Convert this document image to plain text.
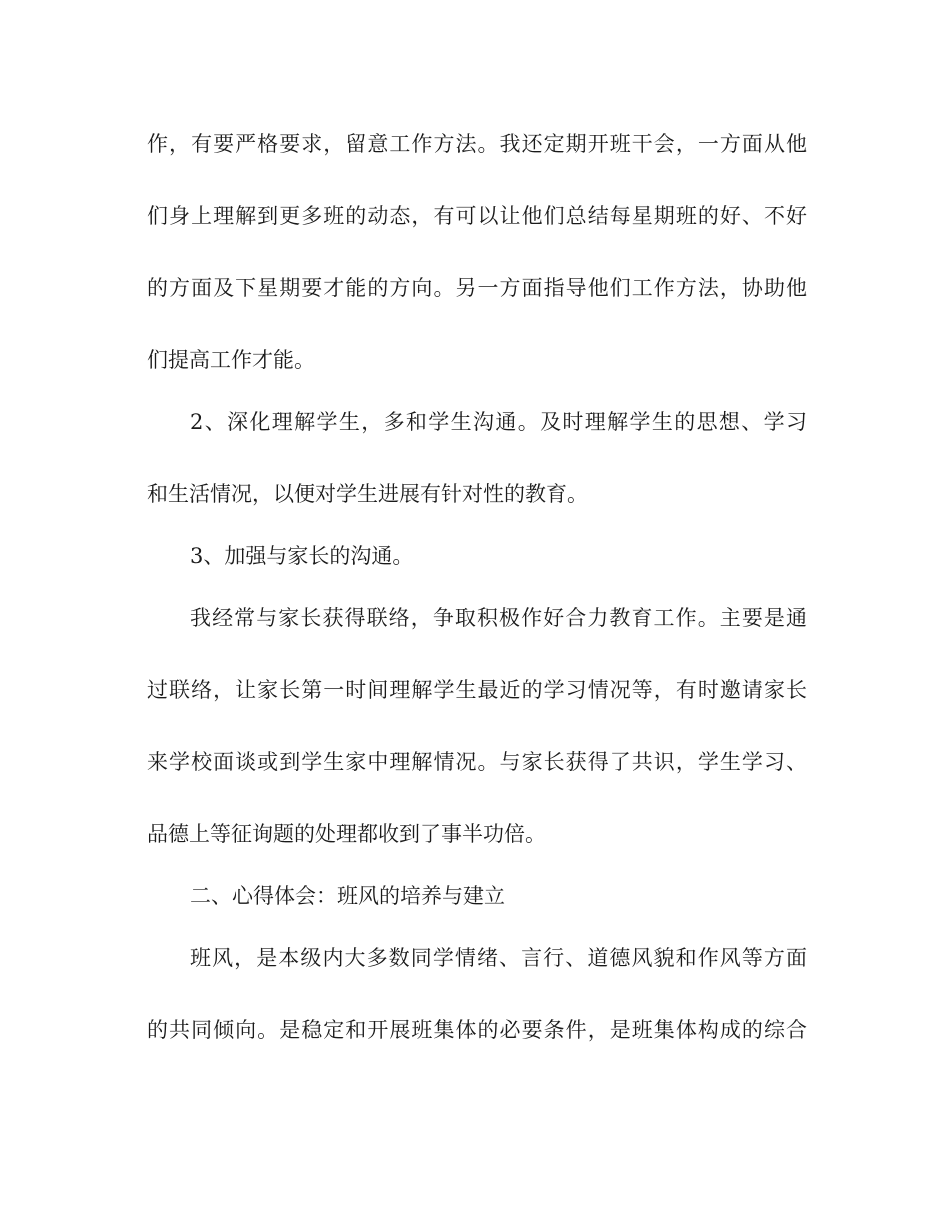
作，有要严格要求，留意工作方法。我还定期开班干会，一方面从他
们身上理解到更多班的动态，有可以让他们总结每星期班的好、不好
的方面及下星期要才能的方向。另一方面指导他们工作方法，协助他
们提高工作才能。
2、深化理解学生，多和学生沟通。及时理解学生的思想、学习
和生活情况，以便对学生进展有针对性的教育。
3、加强与家长的沟通。
我经常与家长获得联络，争取积极作好合力教育工作。主要是通
过联络，让家长第一时间理解学生最近的学习情况等，有时邀请家长
来学校面谈或到学生家中理解情况。与家长获得了共识，学生学习、
品德上等征询题的处理都收到了事半功倍。
二、心得体会：班风的培养与建立
班风，是本级内大多数同学情绪、言行、道德风貌和作风等方面
的共同倾向。是稳定和开展班集体的必要条件，是班集体构成的综合
